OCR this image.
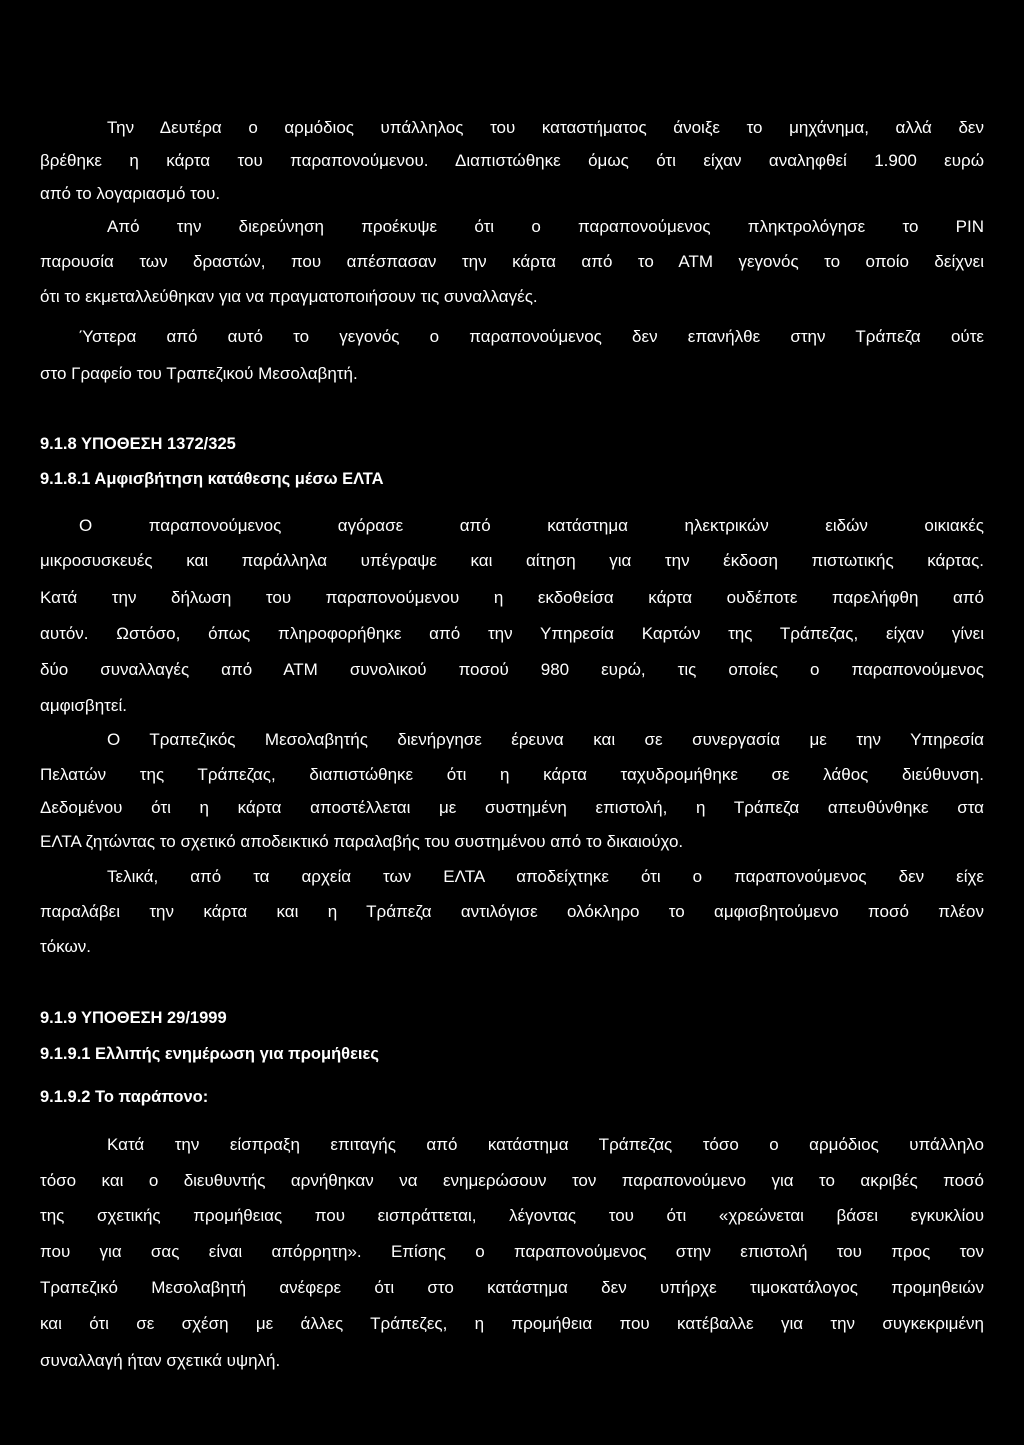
Την Δευτέρα ο αρμόδιος υπάλληλος του καταστήματος άνοιξε το μηχάνημα, αλλά δεν
βρέθηκε η κάρτα του παραπονούμενου. Διαπιστώθηκε όμως ότι είχαν αναληφθεί 1.900 ευρώ
από το λογαριασμό του.
Από την διερεύνηση προέκυψε ότι ο παραπονούμενος πληκτρολόγησε το PIN
παρουσία των δραστών, που απέσπασαν την κάρτα από το ΑΤΜ γεγονός το οποίο δείχνει
ότι το εκμεταλλεύθηκαν για να πραγματοποιήσουν τις συναλλαγές.
Ύστερα από αυτό το γεγονός ο παραπονούμενος δεν επανήλθε στην Τράπεζα ούτε
στο Γραφείο του Τραπεζικού Μεσολαβητή.
9.1.8 ΥΠΟΘΕΣΗ 1372/325
9.1.8.1 Αμφισβήτηση κατάθεσης μέσω ΕΛΤΑ
Ο παραπονούμενος αγόρασε από κατάστημα ηλεκτρικών ειδών οικιακές
μικροσυσκευές και παράλληλα υπέγραψε και αίτηση για την έκδοση πιστωτικής κάρτας.
Κατά την δήλωση του παραπονούμενου η εκδοθείσα κάρτα ουδέποτε παρελήφθη από
αυτόν. Ωστόσο, όπως πληροφορήθηκε από την Υπηρεσία Καρτών της Τράπεζας, είχαν γίνει
δύο συναλλαγές από ΑΤΜ συνολικού ποσού 980 ευρώ, τις οποίες ο παραπονούμενος
αμφισβητεί.
Ο Τραπεζικός Μεσολαβητής διενήργησε έρευνα και σε συνεργασία με την Υπηρεσία
Πελατών της Τράπεζας, διαπιστώθηκε ότι η κάρτα ταχυδρομήθηκε σε λάθος διεύθυνση.
Δεδομένου ότι η κάρτα αποστέλλεται με συστημένη επιστολή, η Τράπεζα απευθύνθηκε στα
ΕΛΤΑ ζητώντας το σχετικό αποδεικτικό παραλαβής του συστημένου από το δικαιούχο.
Τελικά, από τα αρχεία των ΕΛΤΑ αποδείχτηκε ότι ο παραπονούμενος δεν είχε
παραλάβει την κάρτα και η Τράπεζα αντιλόγισε ολόκληρο το αμφισβητούμενο ποσό πλέον
τόκων.
9.1.9 ΥΠΟΘΕΣΗ 29/1999
9.1.9.1 Ελλιπής ενημέρωση για προμήθειες
9.1.9.2 Το παράπονο:
Κατά την είσπραξη επιταγής από κατάστημα Τράπεζας τόσο ο αρμόδιος υπάλληλο
τόσο και ο διευθυντής αρνήθηκαν να ενημερώσουν τον παραπονούμενο για το ακριβές ποσό
της σχετικής προμήθειας που εισπράττεται, λέγοντας του ότι «χρεώνεται βάσει εγκυκλίου
που για σας είναι απόρρητη». Επίσης ο παραπονούμενος στην επιστολή του προς τον
Τραπεζικό Μεσολαβητή ανέφερε ότι στο κατάστημα δεν υπήρχε τιμοκατάλογος προμηθειών
και ότι σε σχέση με άλλες Τράπεζες, η προμήθεια που κατέβαλλε για την συγκεκριμένη
συναλλαγή ήταν σχετικά υψηλή.
